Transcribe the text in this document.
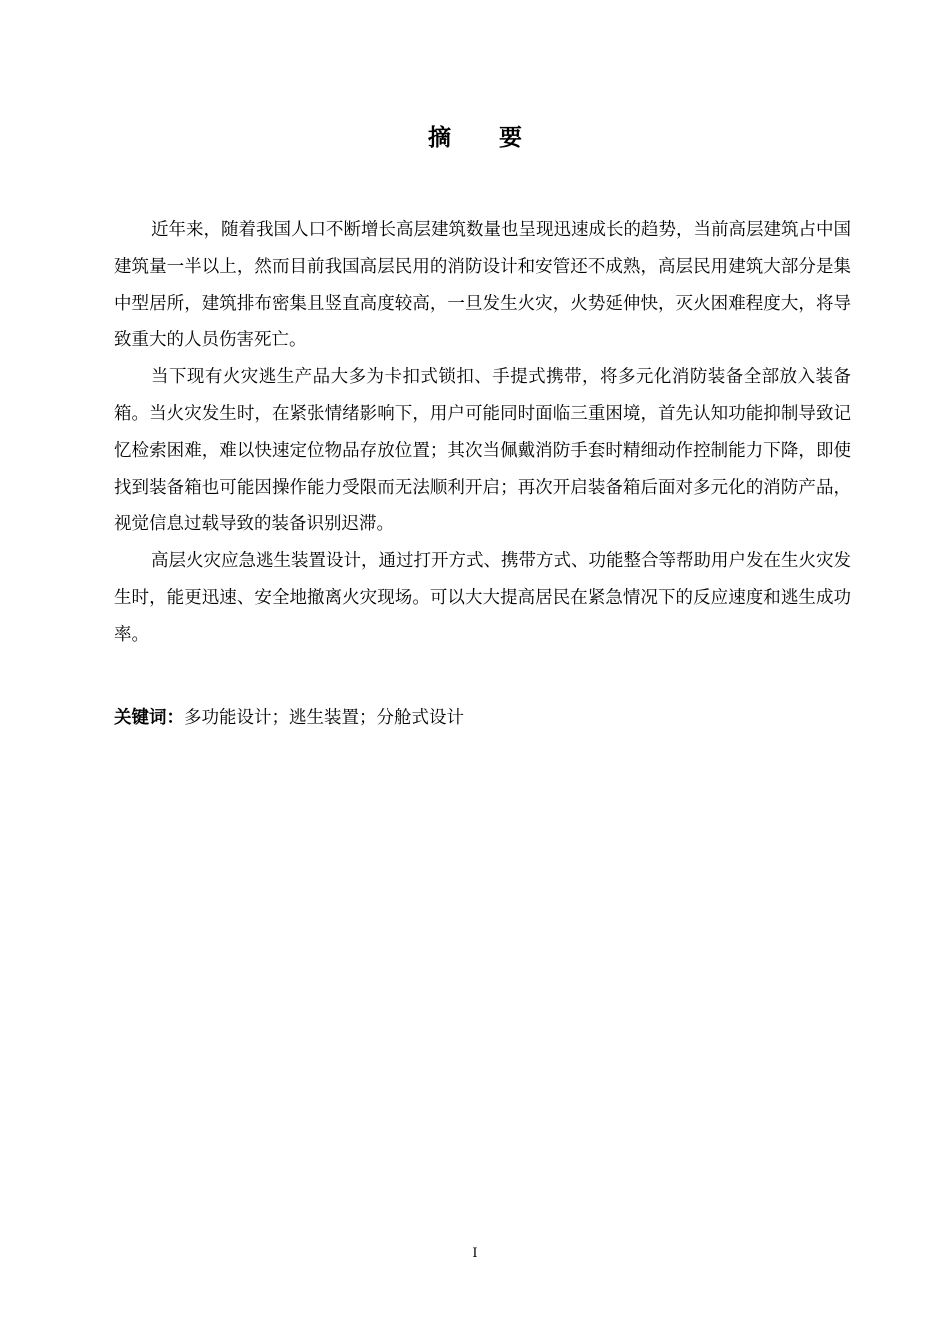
摘 要

近年来，随着我国人口不断增长高层建筑数量也呈现迅速成长的趋势，当前高层建筑占中国建筑量一半以上，然而目前我国高层民用的消防设计和安管还不成熟，高层民用建筑大部分是集中型居所，建筑排布密集且竖直高度较高，一旦发生火灾，火势延伸快，灭火困难程度大，将导致重大的人员伤害死亡。

当下现有火灾逃生产品大多为卡扣式锁扣、手提式携带，将多元化消防装备全部放入装备箱。当火灾发生时，在紧张情绪影响下，用户可能同时面临三重困境，首先认知功能抑制导致记忆检索困难，难以快速定位物品存放位置；其次当佩戴消防手套时精细动作控制能力下降，即使找到装备箱也可能因操作能力受限而无法顺利开启；再次开启装备箱后面对多元化的消防产品，视觉信息过载导致的装备识别迟滞。

高层火灾应急逃生装置设计，通过打开方式、携带方式、功能整合等帮助用户发在生火灾发生时，能更迅速、安全地撤离火灾现场。可以大大提高居民在紧急情况下的反应速度和逃生成功率。

关键词：多功能设计；逃生装置；分舱式设计
I
